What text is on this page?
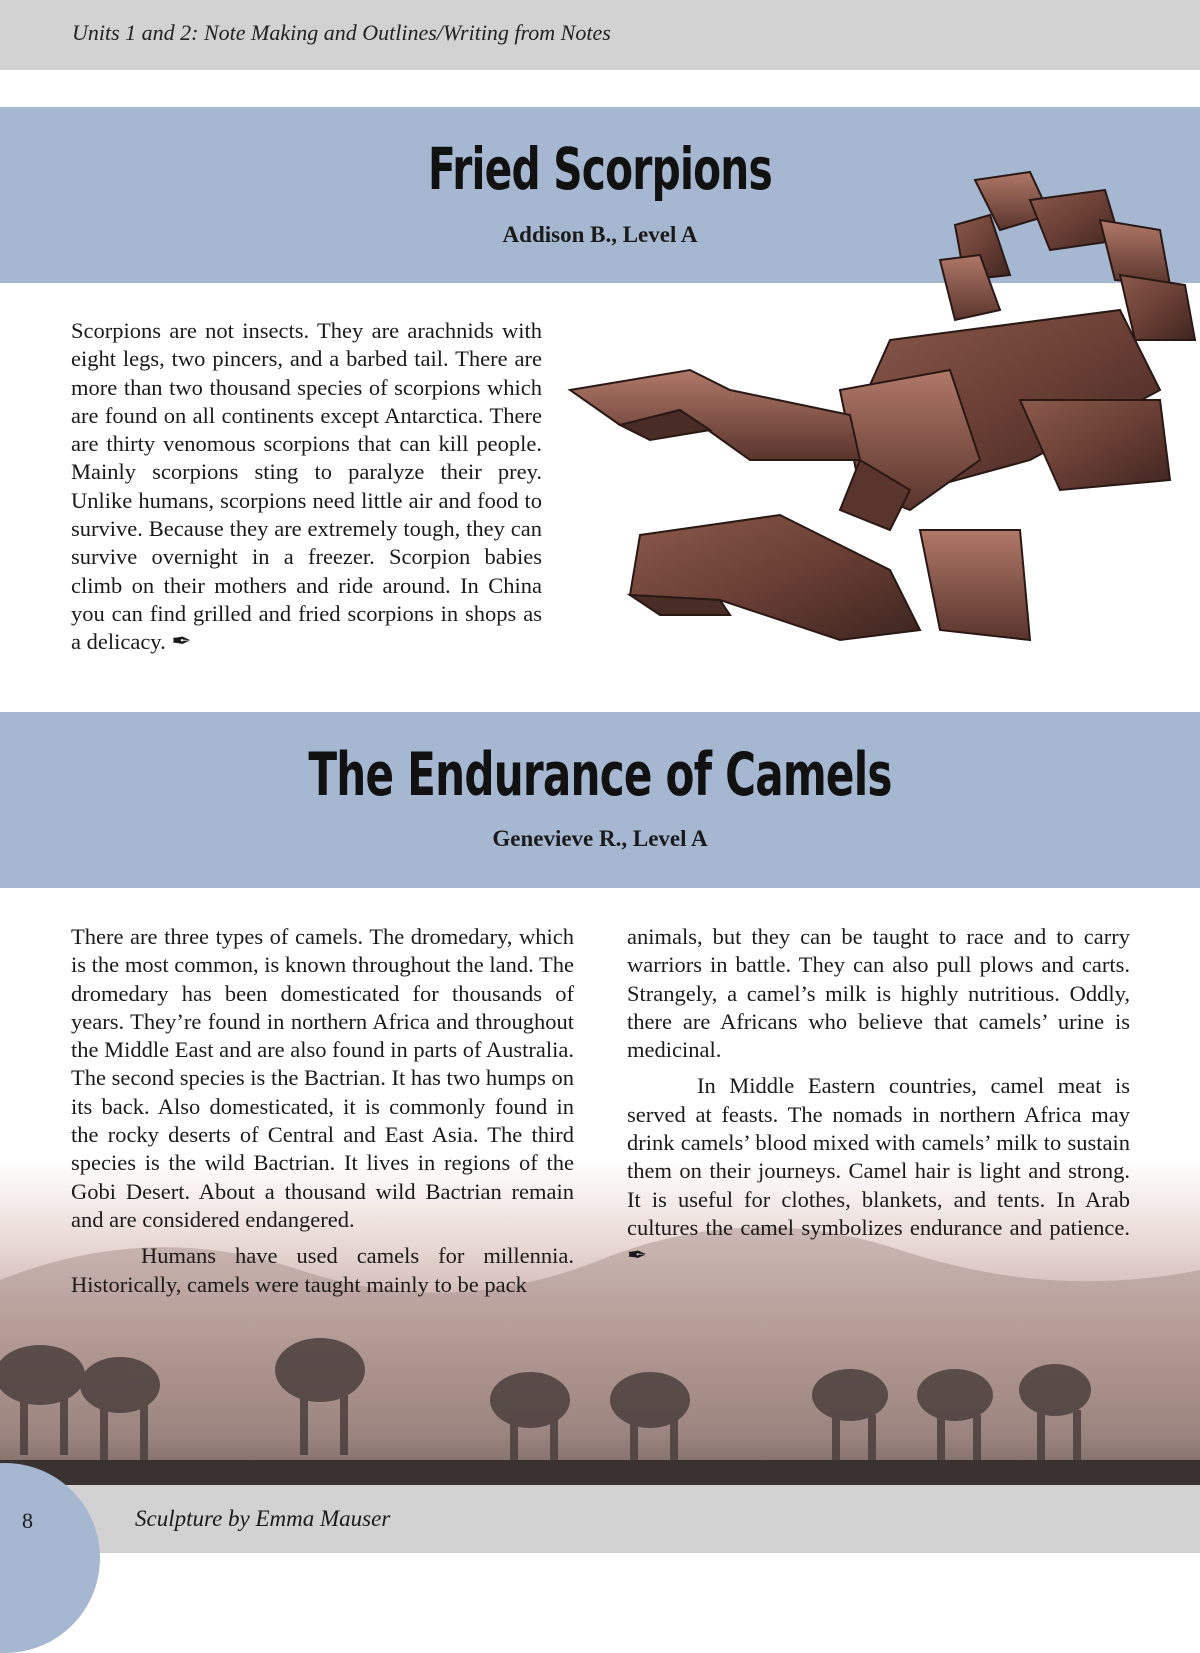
Units 1 and 2: Note Making and Outlines/Writing from Notes
Fried Scorpions
Addison B., Level A

Scorpions are not insects. They are arachnids with eight legs, two pincers, and a barbed tail. There are more than two thousand species of scorpions which are found on all continents except Antarctica. There are thirty venomous scorpions that can kill people. Mainly scorpions sting to paralyze their prey. Unlike humans, scorpions need little air and food to survive. Because they are extremely tough, they can survive overnight in a freezer. Scorpion babies climb on their mothers and ride around. In China you can find grilled and fried scorpions in shops as a delicacy. ✒

The Endurance of Camels
Genevieve R., Level A

There are three types of camels. The dromedary, which is the most common, is known throughout the land. The dromedary has been domesticated for thousands of years. They’re found in northern Africa and throughout the Middle East and are also found in parts of Australia. The second species is the Bactrian. It has two humps on its back. Also domesticated, it is commonly found in the rocky deserts of Central and East Asia. The third species is the wild Bactrian. It lives in regions of the Gobi Desert. About a thousand wild Bactrian remain and are considered endangered.

Humans have used camels for millennia. Historically, camels were taught mainly to be pack

animals, but they can be taught to race and to carry warriors in battle. They can also pull plows and carts. Strangely, a camel’s milk is highly nutritious. Oddly, there are Africans who believe that camels’ urine is medicinal.

In Middle Eastern countries, camel meat is served at feasts. The nomads in northern Africa may drink camels’ blood mixed with camels’ milk to sustain them on their journeys. Camel hair is light and strong. It is useful for clothes, blankets, and tents. In Arab cultures the camel symbolizes endurance and patience. ✒

8	Sculpture by Emma Mauser
